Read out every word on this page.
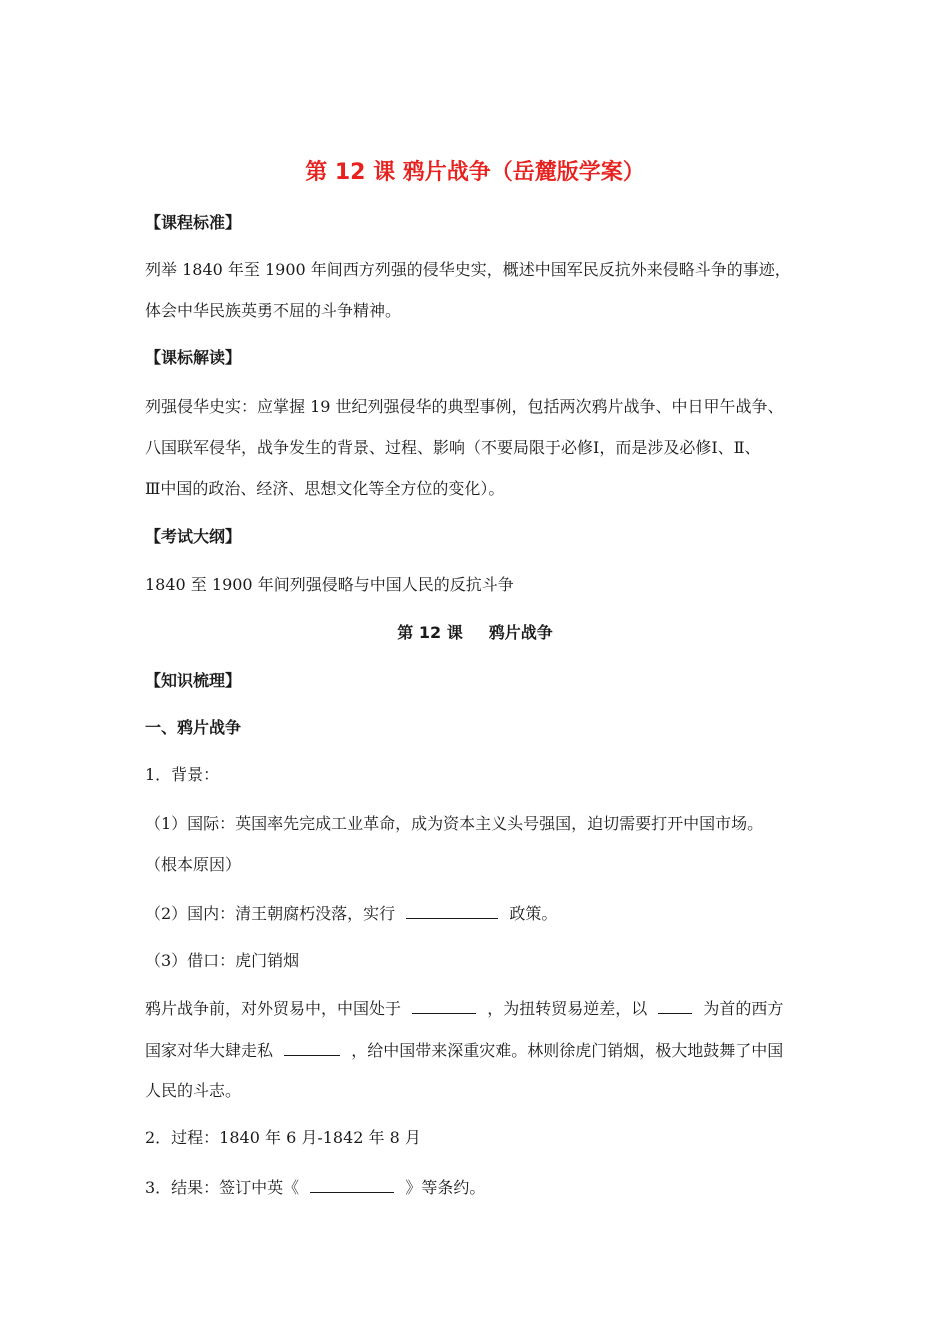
第 12 课 鸦片战争（岳麓版学案）
【课程标准】
列举 1840 年至 1900 年间西方列强的侵华史实，概述中国军民反抗外来侵略斗争的事迹，
体会中华民族英勇不屈的斗争精神。
【课标解读】
列强侵华史实：应掌握 19 世纪列强侵华的典型事例，包括两次鸦片战争、中日甲午战争、
八国联军侵华，战争发生的背景、过程、影响（不要局限于必修Ⅰ，而是涉及必修Ⅰ、Ⅱ、
Ⅲ中国的政治、经济、思想文化等全方位的变化）。
【考试大纲】
1840 至 1900 年间列强侵略与中国人民的反抗斗争
第 12 课 鸦片战争
【知识梳理】
一、鸦片战争
1．背景：
（1）国际：英国率先完成工业革命，成为资本主义头号强国，迫切需要打开中国市场。
（根本原因）
（2）国内：清王朝腐朽没落，实行	政策。
（3）借口：虎门销烟
鸦片战争前，对外贸易中，中国处于	，为扭转贸易逆差，以	为首的西方
国家对华大肆走私	，给中国带来深重灾难。林则徐虎门销烟，极大地鼓舞了中国
人民的斗志。
2．过程：1840 年 6 月-1842 年 8 月
3．结果：签订中英《	》等条约。
